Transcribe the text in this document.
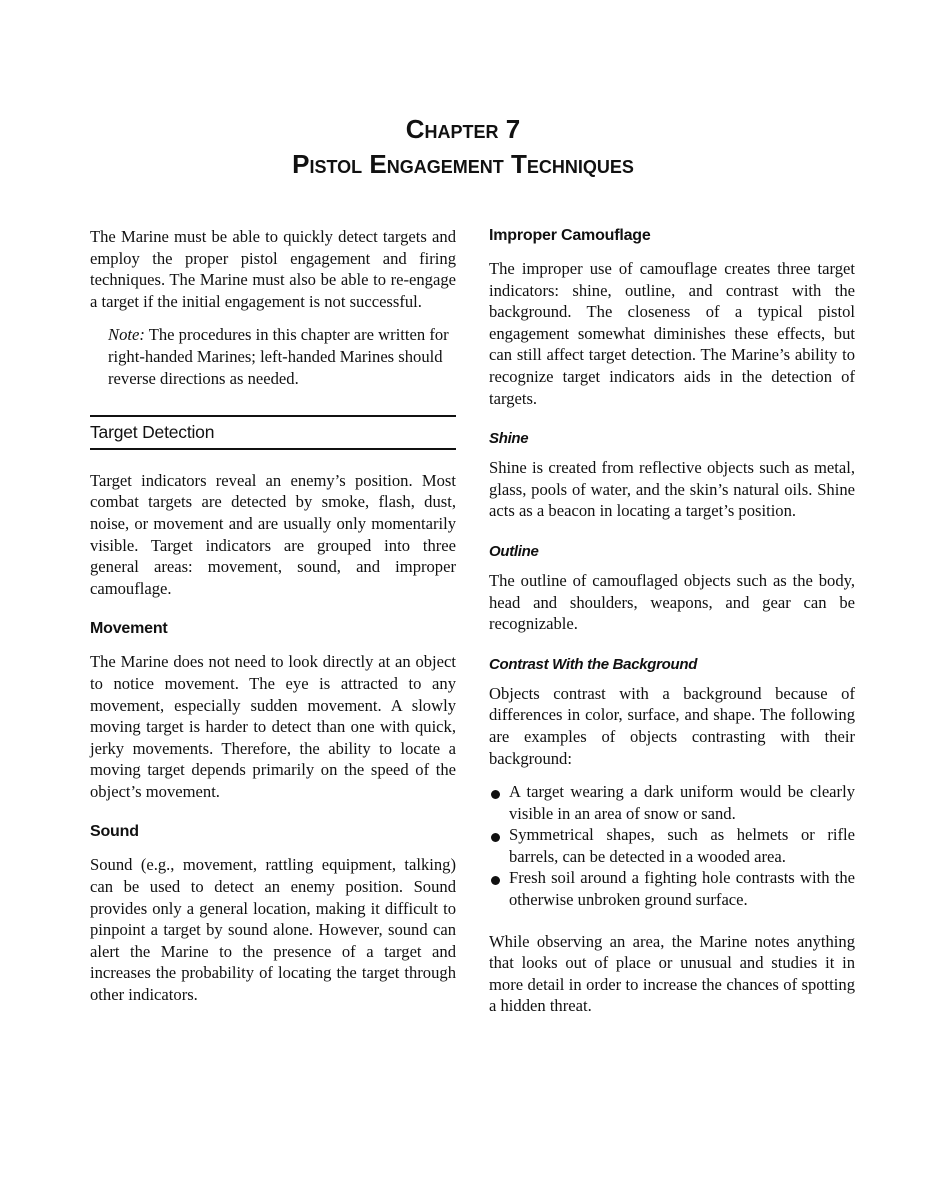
Chapter 7
Pistol Engagement Techniques

The Marine must be able to quickly detect targets and employ the proper pistol engagement and firing techniques. The Marine must also be able to re-engage a target if the initial engagement is not successful.

Note: The procedures in this chapter are written for right-handed Marines; left-handed Marines should reverse directions as needed.

Target Detection

Target indicators reveal an enemy’s position. Most combat targets are detected by smoke, flash, dust, noise, or movement and are usually only momentarily visible. Target indicators are grouped into three general areas: movement, sound, and improper camouflage.

Movement

The Marine does not need to look directly at an object to notice movement. The eye is attracted to any movement, especially sudden movement. A slowly moving target is harder to detect than one with quick, jerky movements. Therefore, the ability to locate a moving target depends primarily on the speed of the object’s movement.

Sound

Sound (e.g., movement, rattling equipment, talking) can be used to detect an enemy position. Sound provides only a general location, making it difficult to pinpoint a target by sound alone. However, sound can alert the Marine to the presence of a target and increases the probability of locating the target through other indicators.

Improper Camouflage

The improper use of camouflage creates three target indicators: shine, outline, and contrast with the background. The closeness of a typical pistol engagement somewhat diminishes these effects, but can still affect target detection. The Marine’s ability to recognize target indicators aids in the detection of targets.

Shine

Shine is created from reflective objects such as metal, glass, pools of water, and the skin’s natural oils. Shine acts as a beacon in locating a target’s position.

Outline

The outline of camouflaged objects such as the body, head and shoulders, weapons, and gear can be recognizable.

Contrast With the Background

Objects contrast with a background because of differences in color, surface, and shape. The following are examples of objects contrasting with their background:

A target wearing a dark uniform would be clearly visible in an area of snow or sand.
Symmetrical shapes, such as helmets or rifle barrels, can be detected in a wooded area.
Fresh soil around a fighting hole contrasts with the otherwise unbroken ground surface.

While observing an area, the Marine notes anything that looks out of place or unusual and studies it in more detail in order to increase the chances of spotting a hidden threat.
